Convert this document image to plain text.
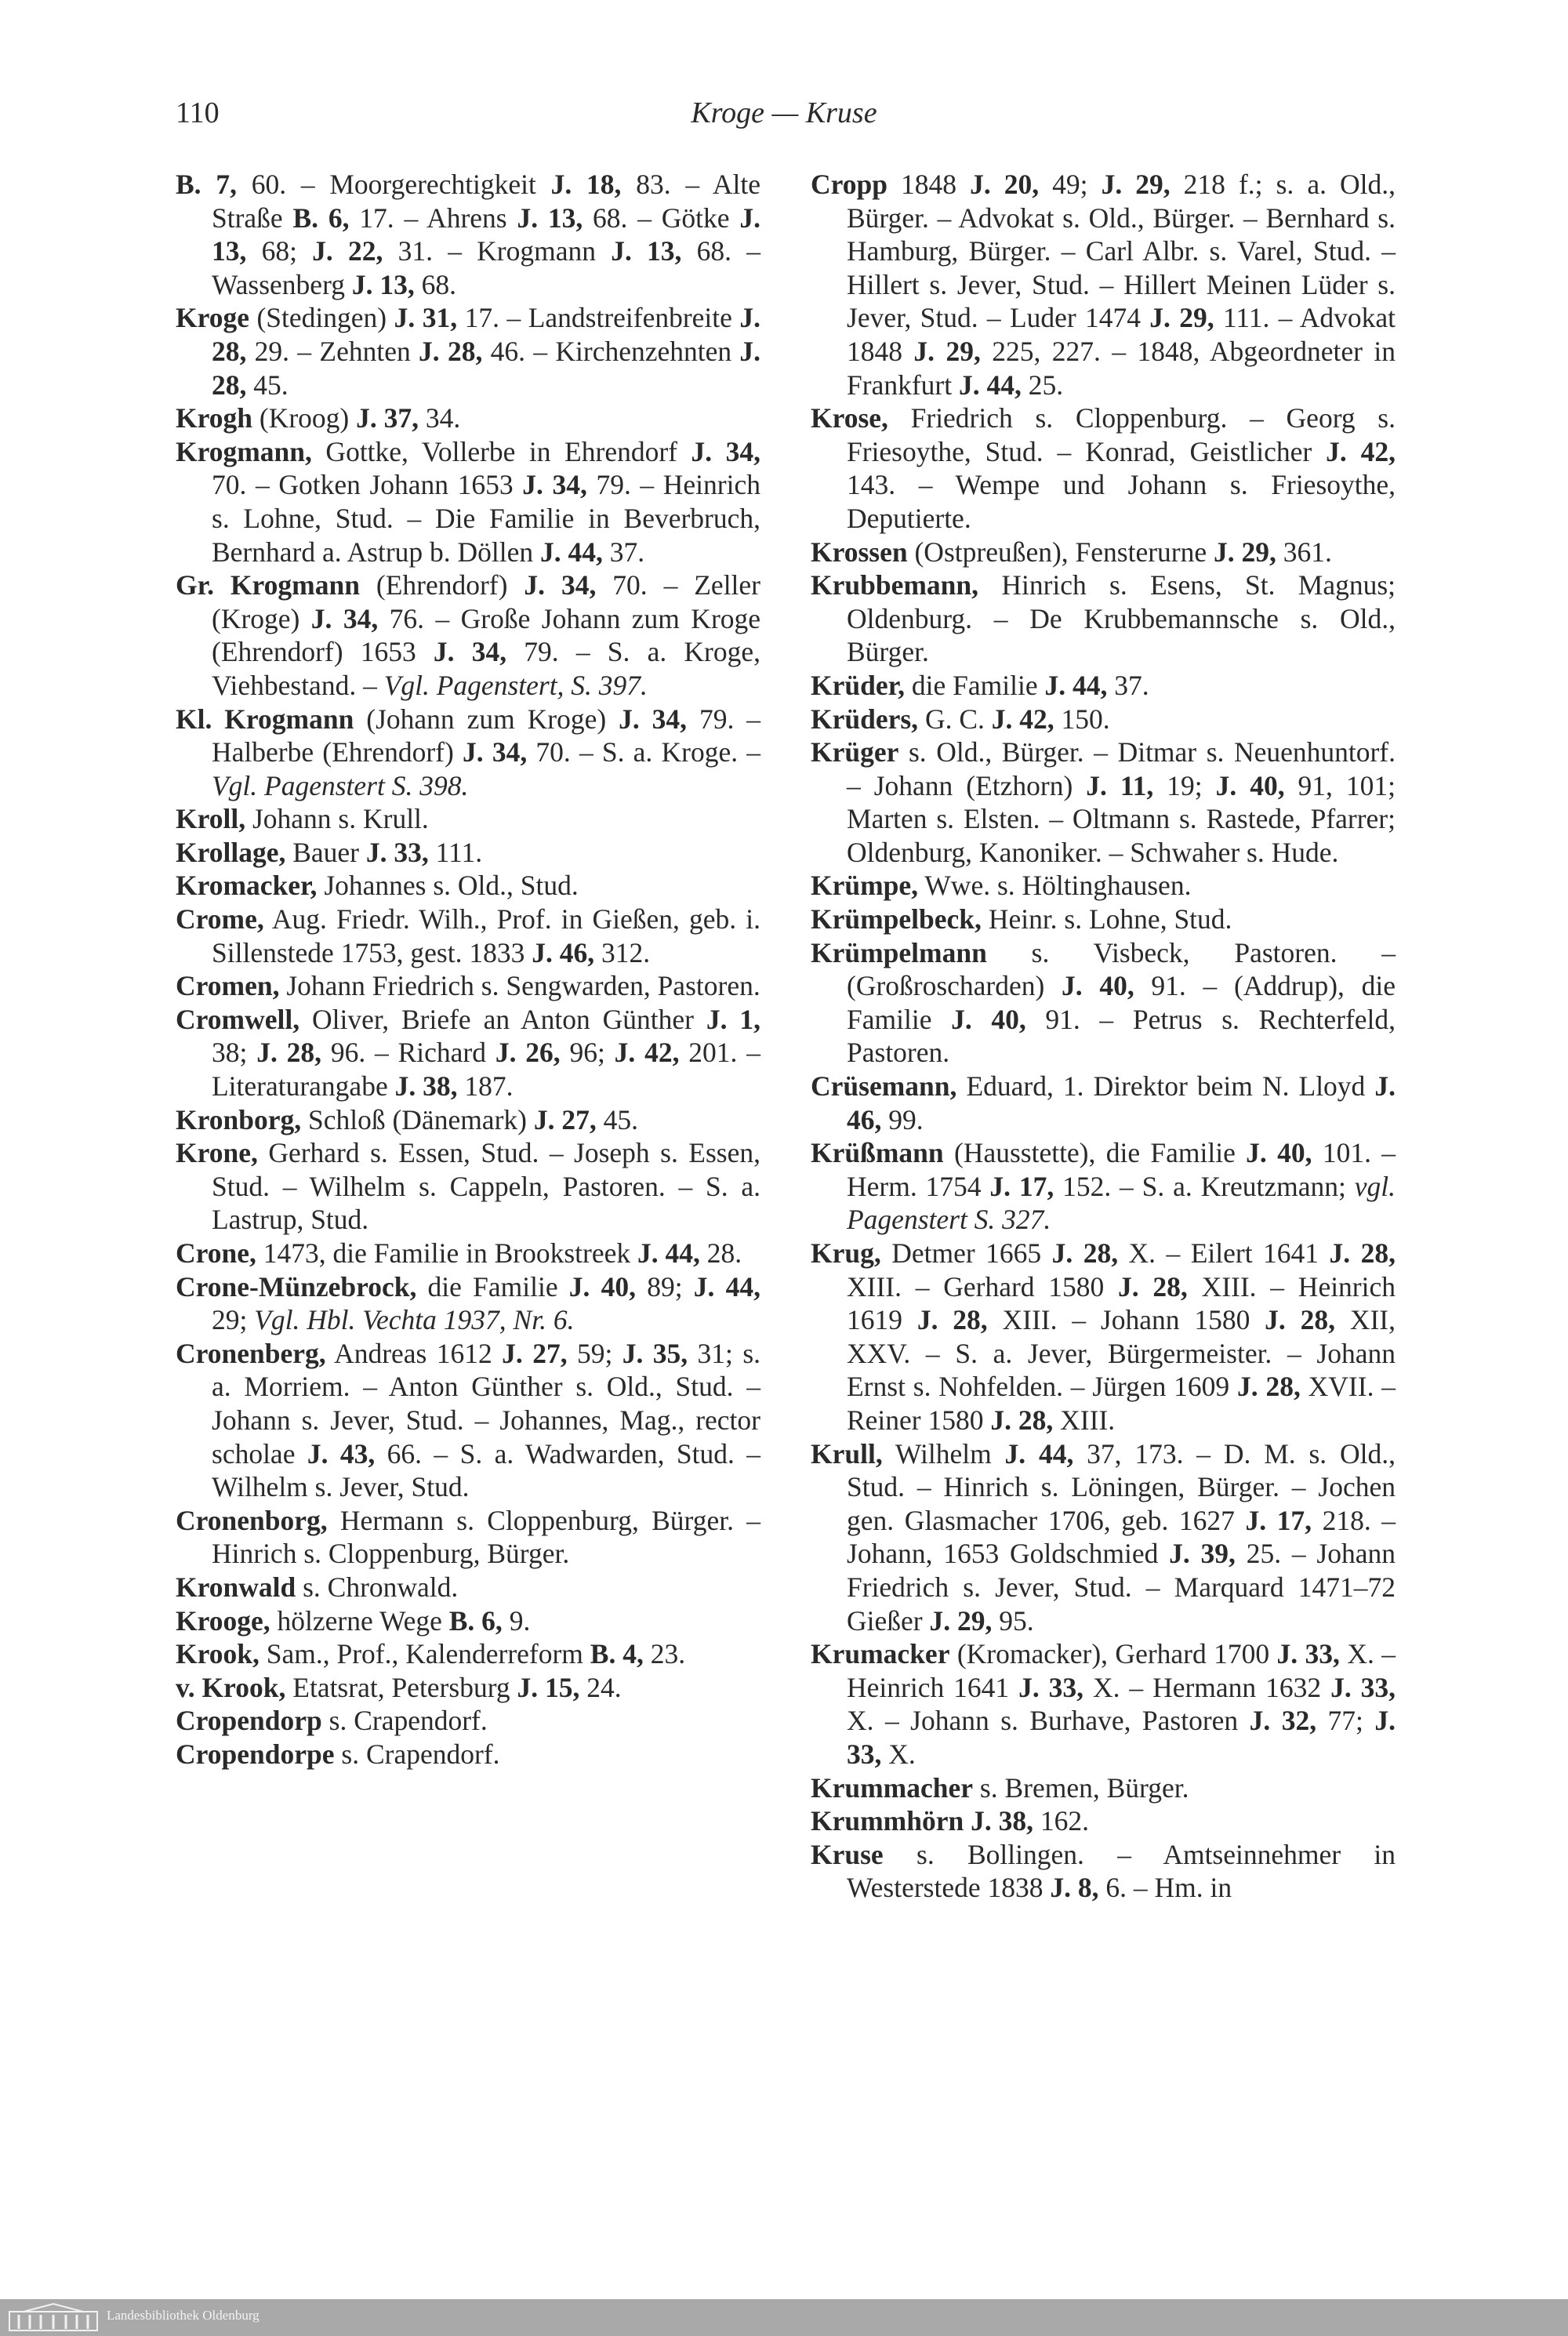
110	Kroge — Kruse

B. 7, 60. – Moorgerechtigkeit J. 18, 83. – Alte Straße B. 6, 17. – Ahrens J. 13, 68. – Götke J. 13, 68; J. 22, 31. – Krogmann J. 13, 68. – Wassenberg J. 13, 68.

Kroge (Stedingen) J. 31, 17. – Landstreifenbreite J. 28, 29. – Zehnten J. 28, 46. – Kirchenzehnten J. 28, 45.

Krogh (Kroog) J. 37, 34.

Krogmann, Gottke, Vollerbe in Ehrendorf J. 34, 70. – Gotken Johann 1653 J. 34, 79. – Heinrich s. Lohne, Stud. – Die Familie in Beverbruch, Bernhard a. Astrup b. Döllen J. 44, 37.

Gr. Krogmann (Ehrendorf) J. 34, 70. – Zeller (Kroge) J. 34, 76. – Große Johann zum Kroge (Ehrendorf) 1653 J. 34, 79. – S. a. Kroge, Viehbestand. – Vgl. Pagenstert, S. 397.

Kl. Krogmann (Johann zum Kroge) J. 34, 79. – Halberbe (Ehrendorf) J. 34, 70. – S. a. Kroge. – Vgl. Pagenstert S. 398.

Kroll, Johann s. Krull.

Krollage, Bauer J. 33, 111.

Kromacker, Johannes s. Old., Stud.

Crome, Aug. Friedr. Wilh., Prof. in Gießen, geb. i. Sillenstede 1753, gest. 1833 J. 46, 312.

Cromen, Johann Friedrich s. Sengwarden, Pastoren.

Cromwell, Oliver, Briefe an Anton Günther J. 1, 38; J. 28, 96. – Richard J. 26, 96; J. 42, 201. – Literaturangabe J. 38, 187.

Kronborg, Schloß (Dänemark) J. 27, 45.

Krone, Gerhard s. Essen, Stud. – Joseph s. Essen, Stud. – Wilhelm s. Cappeln, Pastoren. – S. a. Lastrup, Stud.

Crone, 1473, die Familie in Brookstreek J. 44, 28.

Crone-Münzebrock, die Familie J. 40, 89; J. 44, 29; Vgl. Hbl. Vechta 1937, Nr. 6.

Cronenberg, Andreas 1612 J. 27, 59; J. 35, 31; s. a. Morriem. – Anton Günther s. Old., Stud. – Johann s. Jever, Stud. – Johannes, Mag., rector scholae J. 43, 66. – S. a. Wadwarden, Stud. – Wilhelm s. Jever, Stud.

Cronenborg, Hermann s. Cloppenburg, Bürger. – Hinrich s. Cloppenburg, Bürger.

Kronwald s. Chronwald.

Krooge, hölzerne Wege B. 6, 9.

Krook, Sam., Prof., Kalenderreform B. 4, 23.

v. Krook, Etatsrat, Petersburg J. 15, 24.

Cropendorp s. Crapendorf.

Cropendorpe s. Crapendorf.

Cropp 1848 J. 20, 49; J. 29, 218 f.; s. a. Old., Bürger. – Advokat s. Old., Bürger. – Bernhard s. Hamburg, Bürger. – Carl Albr. s. Varel, Stud. – Hillert s. Jever, Stud. – Hillert Meinen Lüder s. Jever, Stud. – Luder 1474 J. 29, 111. – Advokat 1848 J. 29, 225, 227. – 1848, Abgeordneter in Frankfurt J. 44, 25.

Krose, Friedrich s. Cloppenburg. – Georg s. Friesoythe, Stud. – Konrad, Geistlicher J. 42, 143. – Wempe und Johann s. Friesoythe, Deputierte.

Krossen (Ostpreußen), Fensterurne J. 29, 361.

Krubbemann, Hinrich s. Esens, St. Magnus; Oldenburg. – De Krubbemannsche s. Old., Bürger.

Krüder, die Familie J. 44, 37.

Krüders, G. C. J. 42, 150.

Krüger s. Old., Bürger. – Ditmar s. Neuenhuntorf. – Johann (Etzhorn) J. 11, 19; J. 40, 91, 101; Marten s. Elsten. – Oltmann s. Rastede, Pfarrer; Oldenburg, Kanoniker. – Schwaher s. Hude.

Krümpe, Wwe. s. Höltinghausen.

Krümpelbeck, Heinr. s. Lohne, Stud.

Krümpelmann s. Visbeck, Pastoren. – (Großroscharden) J. 40, 91. – (Addrup), die Familie J. 40, 91. – Petrus s. Rechterfeld, Pastoren.

Crüsemann, Eduard, 1. Direktor beim N. Lloyd J. 46, 99.

Krüßmann (Hausstette), die Familie J. 40, 101. – Herm. 1754 J. 17, 152. – S. a. Kreutzmann; vgl. Pagenstert S. 327.

Krug, Detmer 1665 J. 28, X. – Eilert 1641 J. 28, XIII. – Gerhard 1580 J. 28, XIII. – Heinrich 1619 J. 28, XIII. – Johann 1580 J. 28, XII, XXV. – S. a. Jever, Bürgermeister. – Johann Ernst s. Nohfelden. – Jürgen 1609 J. 28, XVII. – Reiner 1580 J. 28, XIII.

Krull, Wilhelm J. 44, 37, 173. – D. M. s. Old., Stud. – Hinrich s. Löningen, Bürger. – Jochen gen. Glasmacher 1706, geb. 1627 J. 17, 218. – Johann, 1653 Goldschmied J. 39, 25. – Johann Friedrich s. Jever, Stud. – Marquard 1471–72 Gießer J. 29, 95.

Krumacker (Kromacker), Gerhard 1700 J. 33, X. – Heinrich 1641 J. 33, X. – Hermann 1632 J. 33, X. – Johann s. Burhave, Pastoren J. 32, 77; J. 33, X.

Krummacher s. Bremen, Bürger.

Krummhörn J. 38, 162.

Kruse s. Bollingen. – Amtseinnehmer in Westerstede 1838 J. 8, 6. – Hm. in

Landesbibliothek Oldenburg
